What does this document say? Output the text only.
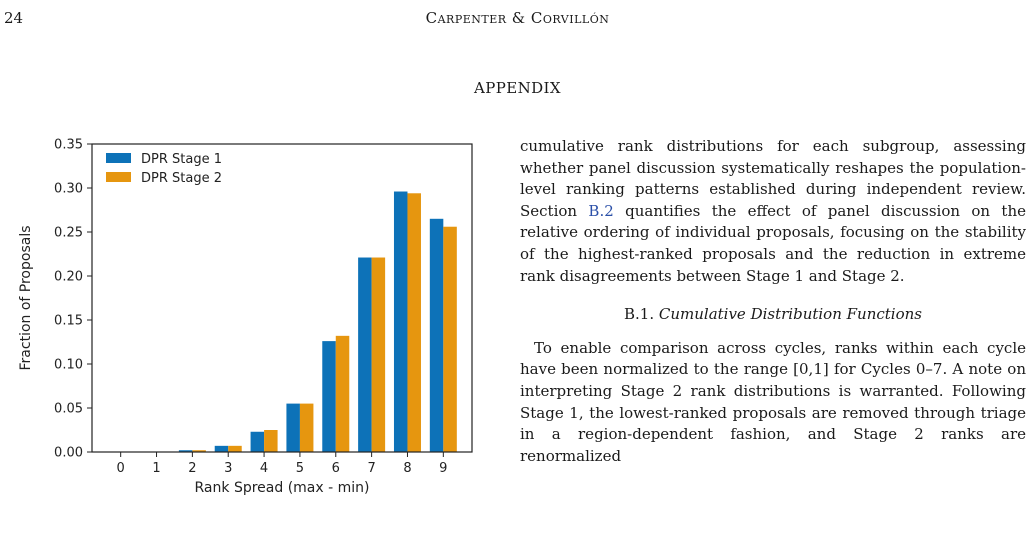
24	Carpenter & Corvillón
APPENDIX
0.00
0.05
0.10
0.15
0.20
0.25
0.30
0.35
0 1 2 3 4 5 6 7 8 9
Rank Spread (max - min)
Fraction of Proposals
DPR Stage 1
DPR Stage 2

cumulative rank distributions for each subgroup, assessing whether panel discussion systematically reshapes the population-level ranking patterns established during independent review. Section B.2 quantifies the effect of panel discussion on the relative ordering of individual proposals, focusing on the stability of the highest-ranked proposals and the reduction in extreme rank disagreements between Stage 1 and Stage 2.

B.1. Cumulative Distribution Functions

To enable comparison across cycles, ranks within each cycle have been normalized to the range [0,1] for Cycles 0–7. A note on interpreting Stage 2 rank distributions is warranted. Following Stage 1, the lowest-ranked proposals are removed through triage in a region-dependent fashion, and Stage 2 ranks are renormalized
